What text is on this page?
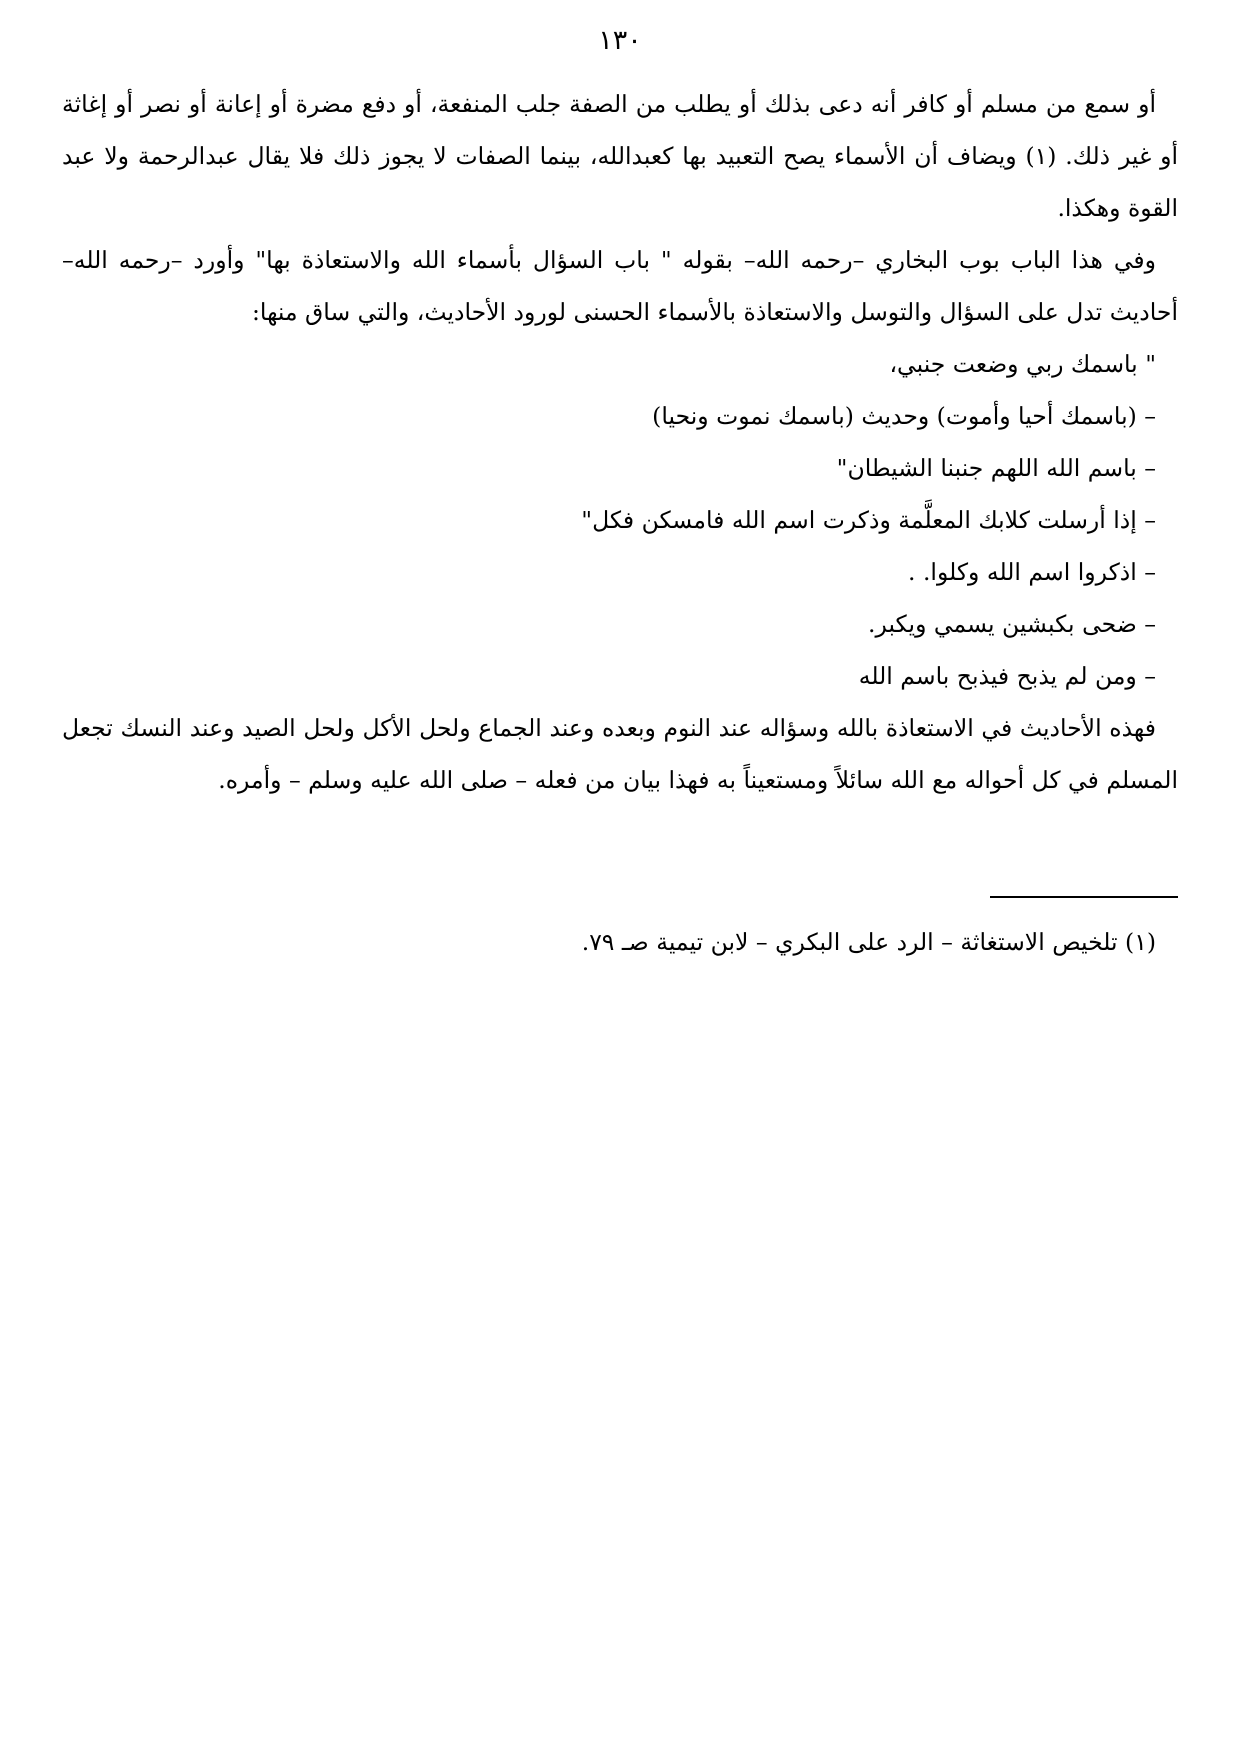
١٣٠

أو سمع من مسلم أو كافر أنه دعى بذلك أو يطلب من الصفة جلب المنفعة، أو دفع مضرة أو إعانة أو نصر أو إغاثة أو غير ذلك. (١) ويضاف أن الأسماء يصح التعبيد بها كعبدالله، بينما الصفات لا يجوز ذلك فلا يقال عبدالرحمة ولا عبد القوة وهكذا.

وفي هذا الباب بوب البخاري –رحمه الله– بقوله " باب السؤال بأسماء الله والاستعاذة بها" وأورد –رحمه الله– أحاديث تدل على السؤال والتوسل والاستعاذة بالأسماء الحسنى لورود الأحاديث، والتي ساق منها:

" باسمك ربي وضعت جنبي،
– (باسمك أحيا وأموت) وحديث (باسمك نموت ونحيا)
– باسم الله اللهم جنبنا الشيطان"
– إذا أرسلت كلابك المعلَّمة وذكرت اسم الله فامسكن فكل"
– اذكروا اسم الله وكلوا. .
– ضحى بكبشين يسمي ويكبر.
– ومن لم يذبح فيذبح باسم الله

فهذه الأحاديث في الاستعاذة بالله وسؤاله عند النوم وبعده وعند الجماع ولحل الأكل ولحل الصيد وعند النسك تجعل المسلم في كل أحواله مع الله سائلاً ومستعيناً به فهذا بيان من فعله – صلى الله عليه وسلم – وأمره.

(١) تلخيص الاستغاثة – الرد على البكري – لابن تيمية صـ ٧٩.
